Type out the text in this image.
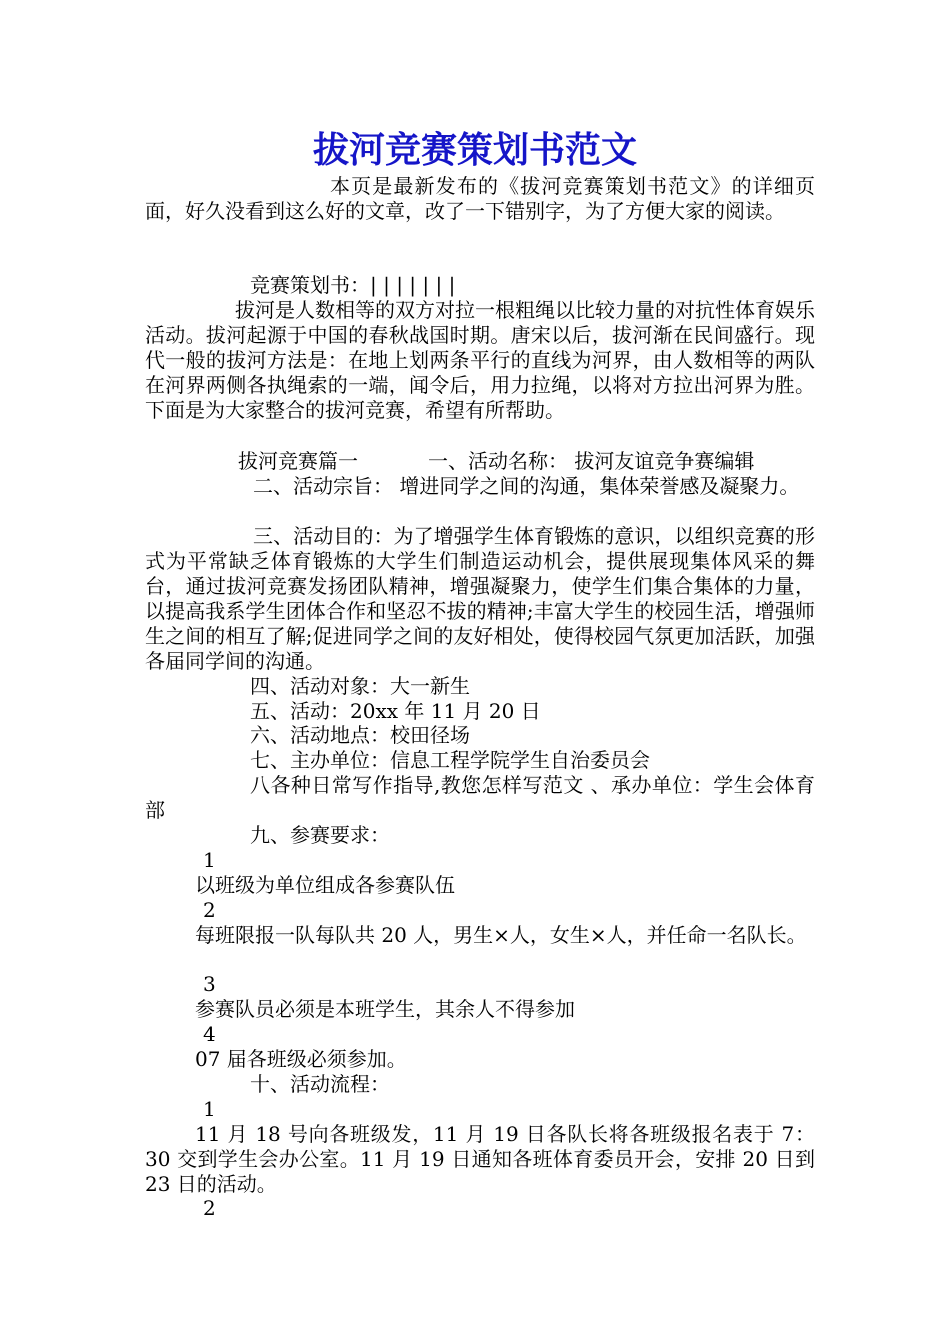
拔河竞赛策划书范文
本页是最新发布的《拔河竞赛策划书范文》的详细页面，好久没看到这么好的文章，改了一下错别字，为了方便大家的阅读。
竞赛策划书：| | | | | | |
拔河是人数相等的双方对拉一根粗绳以比较力量的对抗性体育娱乐活动。拔河起源于中国的春秋战国时期。唐宋以后，拔河渐在民间盛行。现代一般的拔河方法是：在地上划两条平行的直线为河界，由人数相等的两队在河界两侧各执绳索的一端，闻令后，用力拉绳，以将对方拉出河界为胜。下面是为大家整合的拔河竞赛，希望有所帮助。
拔河竞赛篇一	一、活动名称： 拔河友谊竞争赛编辑
二、活动宗旨： 增进同学之间的沟通，集体荣誉感及凝聚力。
三、活动目的：为了增强学生体育锻炼的意识，以组织竞赛的形式为平常缺乏体育锻炼的大学生们制造运动机会，提供展现集体风采的舞台，通过拔河竞赛发扬团队精神，增强凝聚力，使学生们集合集体的力量，以提高我系学生团体合作和坚忍不拔的精神;丰富大学生的校园生活，增强师生之间的相互了解;促进同学之间的友好相处，使得校园气氛更加活跃，加强各届同学间的沟通。
四、活动对象：大一新生
五、活动：20xx 年 11 月 20 日
六、活动地点：校田径场
七、主办单位：信息工程学院学生自治委员会
八各种日常写作指导,教您怎样写范文 、承办单位：学生会体育部
九、参赛要求：
1
以班级为单位组成各参赛队伍
2
每班限报一队每队共 20 人，男生×人，女生×人，并任命一名队长。
3
参赛队员必须是本班学生，其余人不得参加
4
07 届各班级必须参加。
十、活动流程：
1
11 月 18 号向各班级发，11 月 19 日各队长将各班级报名表于 7：30 交到学生会办公室。11 月 19 日通知各班体育委员开会，安排 20 日到 23 日的活动。
2
